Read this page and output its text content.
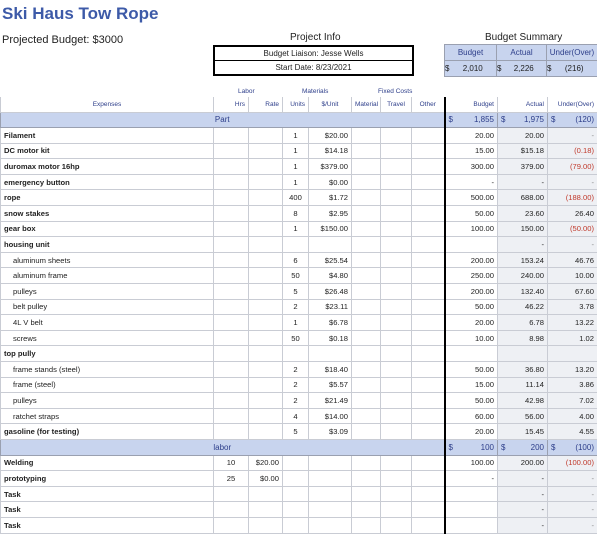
Ski Haus Tow Rope
Projected Budget: $3000	Project Info	Budget Summary
Budget Liaison: Jesse Wells
Start Date: 8/23/2021
Budget	Actual	Under(Over)

$ 2,010	$ 2,226	$ (216)
Labor	Materials	Fixed Costs
Expenses	Hrs	Rate	Units	$/Unit	Material	Travel	Other	Budget	Actual	Under(Over)
Part								$ 1,855	$ 1,975	$ (120)
Filament			1	$20.00				20.00	20.00	-
DC motor kit			1	$14.18				15.00	$15.18	(0.18)
duromax motor 16hp			1	$379.00				300.00	379.00	(79.00)
emergency button			1	$0.00				-	-	-
rope			400	$1.72				500.00	688.00	(188.00)
snow stakes			8	$2.95				50.00	23.60	26.40
gear box			1	$150.00				100.00	150.00	(50.00)
housing unit									-	-
aluminum sheets			6	$25.54				200.00	153.24	46.76
aluminum frame			50	$4.80				250.00	240.00	10.00
pulleys			5	$26.48				200.00	132.40	67.60
belt pulley			2	$23.11				50.00	46.22	3.78
4L V belt			1	$6.78				20.00	6.78	13.22
screws			50	$0.18				10.00	8.98	1.02
top pully										
frame stands (steel)			2	$18.40				50.00	36.80	13.20
frame (steel)			2	$5.57				15.00	11.14	3.86
pulleys			2	$21.49				50.00	42.98	7.02
ratchet straps			4	$14.00				60.00	56.00	4.00
gasoline (for testing)			5	$3.09				20.00	15.45	4.55
labor								$ 100	$ 200	$ (100)
Welding	10	$20.00						100.00	200.00	(100.00)
prototyping	25	$0.00						-	-	-
Task									-	-
Task									-	-
Task									-	-
